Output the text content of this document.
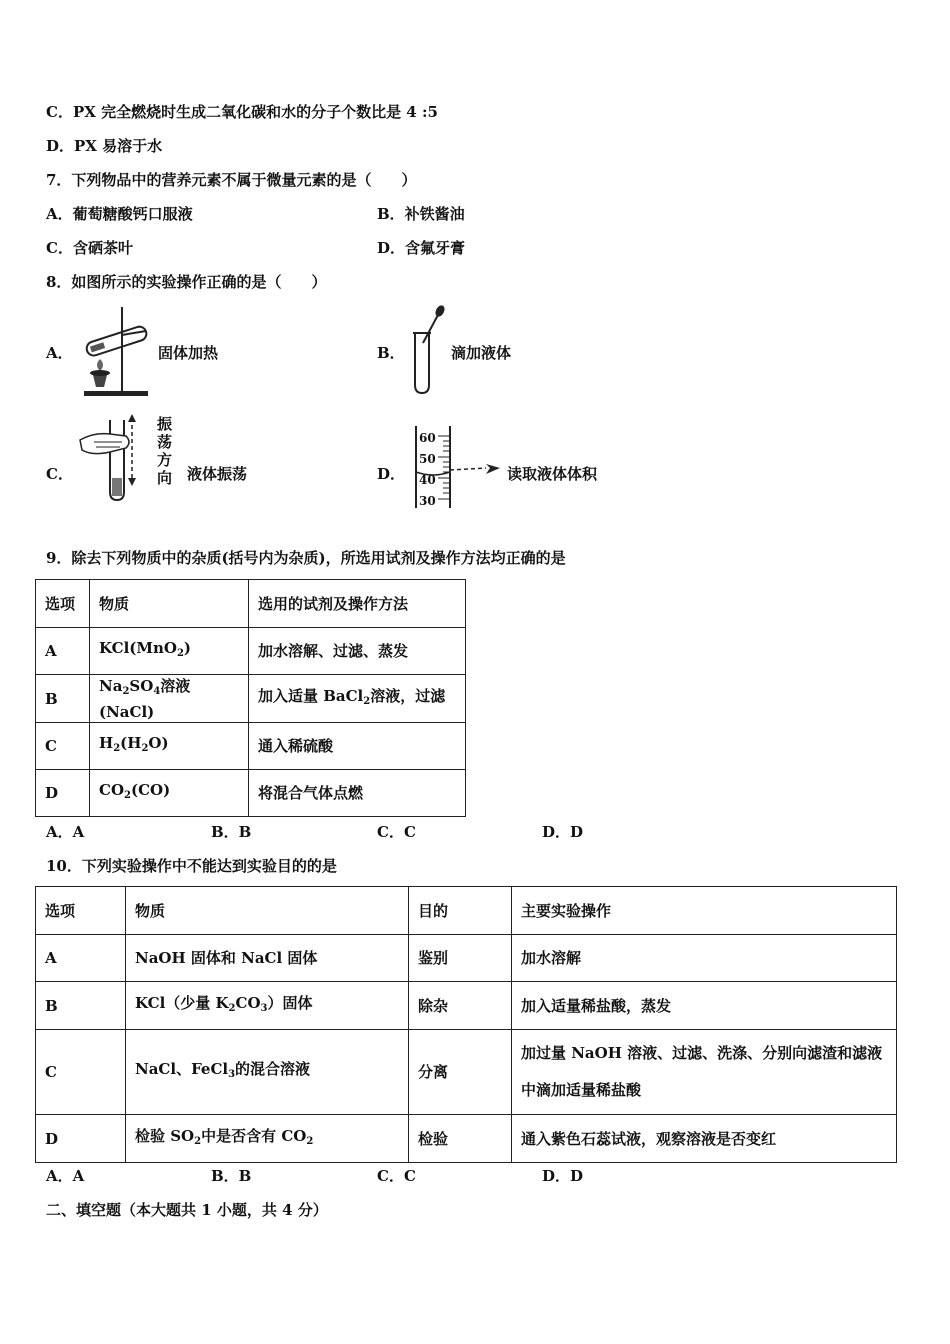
C．PX 完全燃烧时生成二氧化碳和水的分子个数比是 4 :5
D．PX 易溶于水
7．下列物品中的营养元素不属于微量元素的是（　　）
A．葡萄糖酸钙口服液	B．补铁酱油
C．含硒茶叶	D．含氟牙膏
8．如图所示的实验操作正确的是（　　）
A．	固体加热	B．	滴加液体
C．
振
荡
方
向 液体振荡	D．
60
50
40
30
读取液体体积
9．除去下列物质中的杂质(括号内为杂质)，所选用试剂及操作方法均正确的是
选项	物质	选用的试剂及操作方法
A	KCl(MnO$_2$)	加水溶解、过滤、蒸发
B	$Na_2SO_4$溶液(NaCl)	加入适量 BaCl$_2$溶液，过滤
C	$H_2(H_2O)$	通入稀硫酸
D	$CO_2(CO)$	将混合气体点燃
A．A	B．B	C．C	D．D
10．下列实验操作中不能达到实验目的的是
选项	物质	目的	主要实验操作
A	NaOH 固体和 NaCl 固体	鉴别	加水溶解
B	KCl（少量 $K_2CO_3$）固体	除杂	加入适量稀盐酸，蒸发
C	NaCl、FeCl$_3$的混合溶液	分离	加过量 NaOH 溶液、过滤、洗涤、分别向滤渣和滤液
中滴加适量稀盐酸

D	检验 $SO_2$中是否含有 $CO_2$	检验	通入紫色石蕊试液，观察溶液是否变红
A．A	B．B	C．C	D．D
二、填空题（本大题共 1 小题，共 4 分）
